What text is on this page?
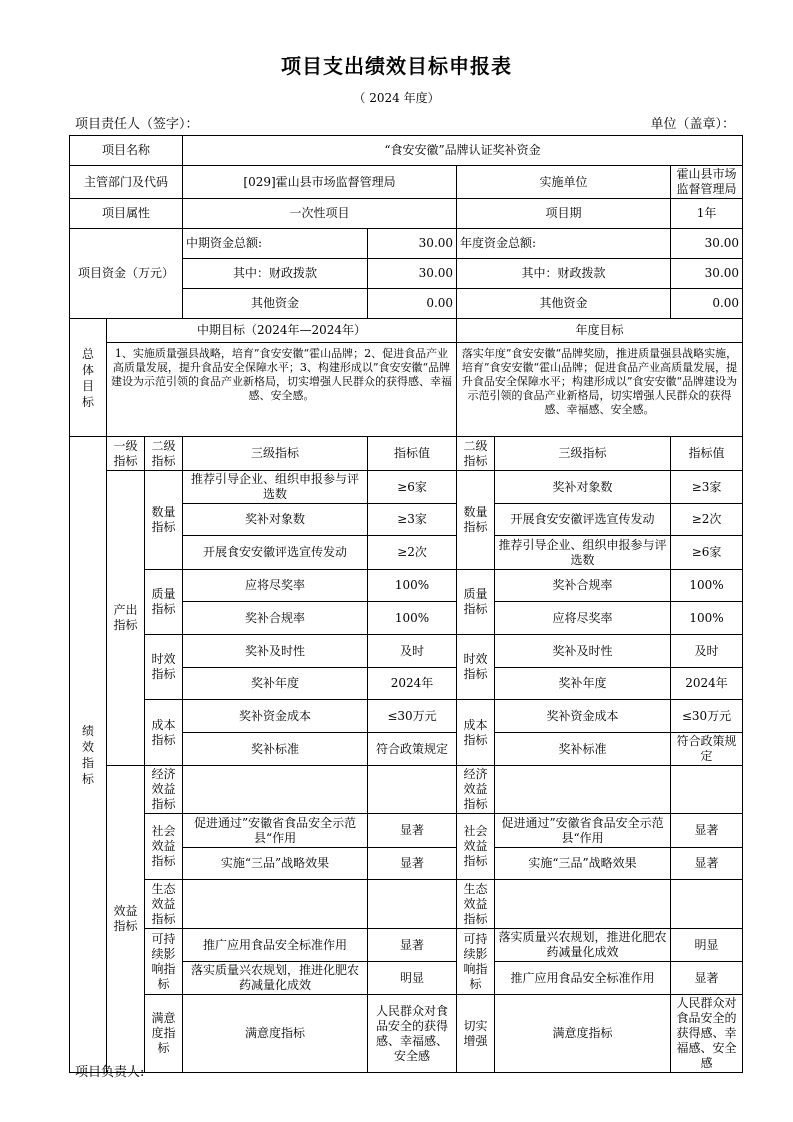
项目支出绩效目标申报表
（ 2024 年度）
项目责任人（签字）：	单位（盖章）：
项目名称			“食安安徽”品牌认证奖补资金					
主管部门及代码			[029]霍山县市场监督管理局		实施单位		霍山县市场监督管理局	
项目属性			一次性项目		项目期		1年	
项目资金（万元）			中期资金总额:	30.00	年度资金总额:		30.00	
			其中：财政拨款	30.00	其中：财政拨款		30.00	
			其他资金	0.00	其他资金		0.00	

总体目标	中期目标（2024年—2024年）				年度目标			
	1、实施质量强县战略，培育”食安安徽“霍山品牌；2、促进食品产业高质量发展，提升食品安全保障水平；3、构建形成以”食安安徽“品牌建设为示范引领的食品产业新格局，切实增强人民群众的获得感、幸福感、安全感。				落实年度”食安安徽“品牌奖励，推进质量强县战略实施，培育”食安安徽“霍山品牌；促进食品产业高质量发展，提升食品安全保障水平；构建形成以”食安安徽“品牌建设为示范引领的食品产业新格局，切实增强人民群众的获得感、幸福感、安全感。			

绩效指标	一级指标	二级指标	三级指标	指标值	二级指标	三级指标	指标值	
	产出指标	数量指标	推荐引导企业、组织申报参与评选数	≥6家	数量指标	奖补对象数	≥3家	
			奖补对象数	≥3家		开展食安安徽评选宣传发动	≥2次	
			开展食安安徽评选宣传发动	≥2次		推荐引导企业、组织申报参与评选数	≥6家	
		质量指标	应将尽奖率	100%	质量指标	奖补合规率	100%	
			奖补合规率	100%		应将尽奖率	100%	
		时效指标	奖补及时性	及时	时效指标	奖补及时性	及时	
			奖补年度	2024年		奖补年度	2024年	
		成本指标	奖补资金成本	≤30万元	成本指标	奖补资金成本	≤30万元	
			奖补标准	符合政策规定		奖补标准	符合政策规定	
	效益指标	经济效益指标			经济效益指标			
		社会效益指标	促进通过”安徽省食品安全示范县“作用	显著	社会效益指标	促进通过”安徽省食品安全示范县“作用	显著	
			实施“三品”战略效果	显著		实施“三品”战略效果	显著	
		生态效益指标			生态效益指标			
		可持续影响指标	推广应用食品安全标准作用	显著	可持续影响指标	落实质量兴农规划，推进化肥农药减量化成效	明显	
			落实质量兴农规划，推进化肥农药减量化成效	明显		推广应用食品安全标准作用	显著	
		满意度指标	满意度指标	人民群众对食品安全的获得感、幸福感、安全感	切实增强	满意度指标	人民群众对食品安全的获得感、幸福感、安全感	
项目负责人:
